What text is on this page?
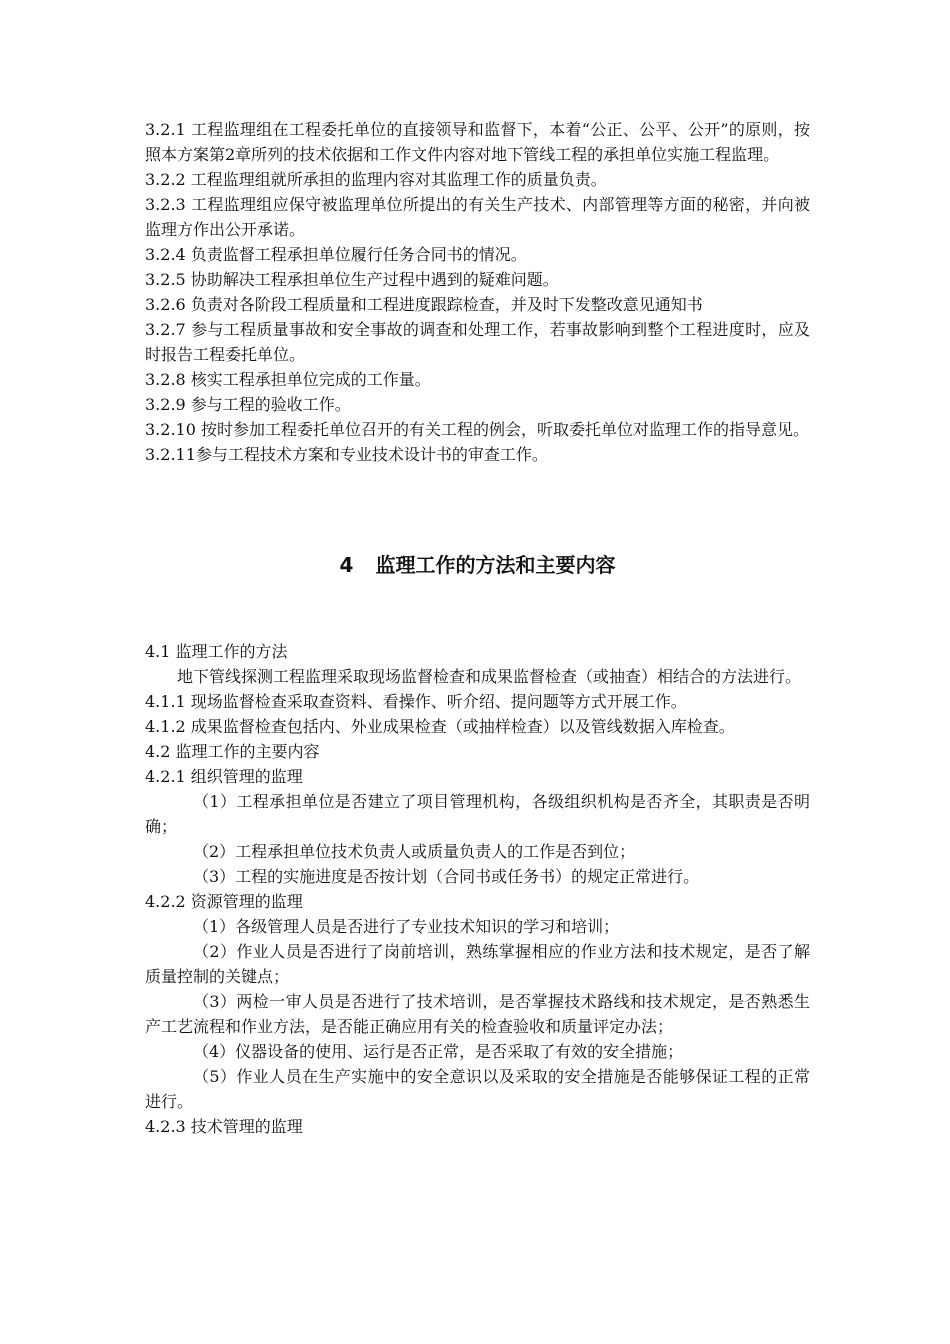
3.2.1 工程监理组在工程委托单位的直接领导和监督下，本着“公正、公平、公开”的原则，按照本方案第2章所列的技术依据和工作文件内容对地下管线工程的承担单位实施工程监理。

3.2.2 工程监理组就所承担的监理内容对其监理工作的质量负责。

3.2.3 工程监理组应保守被监理单位所提出的有关生产技术、内部管理等方面的秘密，并向被监理方作出公开承诺。

3.2.4 负责监督工程承担单位履行任务合同书的情况。

3.2.5 协助解决工程承担单位生产过程中遇到的疑难问题。

3.2.6 负责对各阶段工程质量和工程进度跟踪检查，并及时下发整改意见通知书

3.2.7 参与工程质量事故和安全事故的调查和处理工作，若事故影响到整个工程进度时，应及时报告工程委托单位。

3.2.8 核实工程承担单位完成的工作量。

3.2.9 参与工程的验收工作。

3.2.10 按时参加工程委托单位召开的有关工程的例会，听取委托单位对监理工作的指导意见。

3.2.11参与工程技术方案和专业技术设计书的审查工作。

4 监理工作的方法和主要内容

4.1 监理工作的方法

地下管线探测工程监理采取现场监督检查和成果监督检查（或抽查）相结合的方法进行。

4.1.1 现场监督检查采取查资料、看操作、听介绍、提问题等方式开展工作。

4.1.2 成果监督检查包括内、外业成果检查（或抽样检查）以及管线数据入库检查。

4.2 监理工作的主要内容

4.2.1 组织管理的监理

（1）工程承担单位是否建立了项目管理机构，各级组织机构是否齐全，其职责是否明确；

（2）工程承担单位技术负责人或质量负责人的工作是否到位；

（3）工程的实施进度是否按计划（合同书或任务书）的规定正常进行。

4.2.2 资源管理的监理

（1）各级管理人员是否进行了专业技术知识的学习和培训；

（2）作业人员是否进行了岗前培训，熟练掌握相应的作业方法和技术规定，是否了解质量控制的关键点；

（3）两检一审人员是否进行了技术培训，是否掌握技术路线和技术规定，是否熟悉生产工艺流程和作业方法，是否能正确应用有关的检查验收和质量评定办法；

（4）仪器设备的使用、运行是否正常，是否采取了有效的安全措施；

（5）作业人员在生产实施中的安全意识以及采取的安全措施是否能够保证工程的正常进行。

4.2.3 技术管理的监理
